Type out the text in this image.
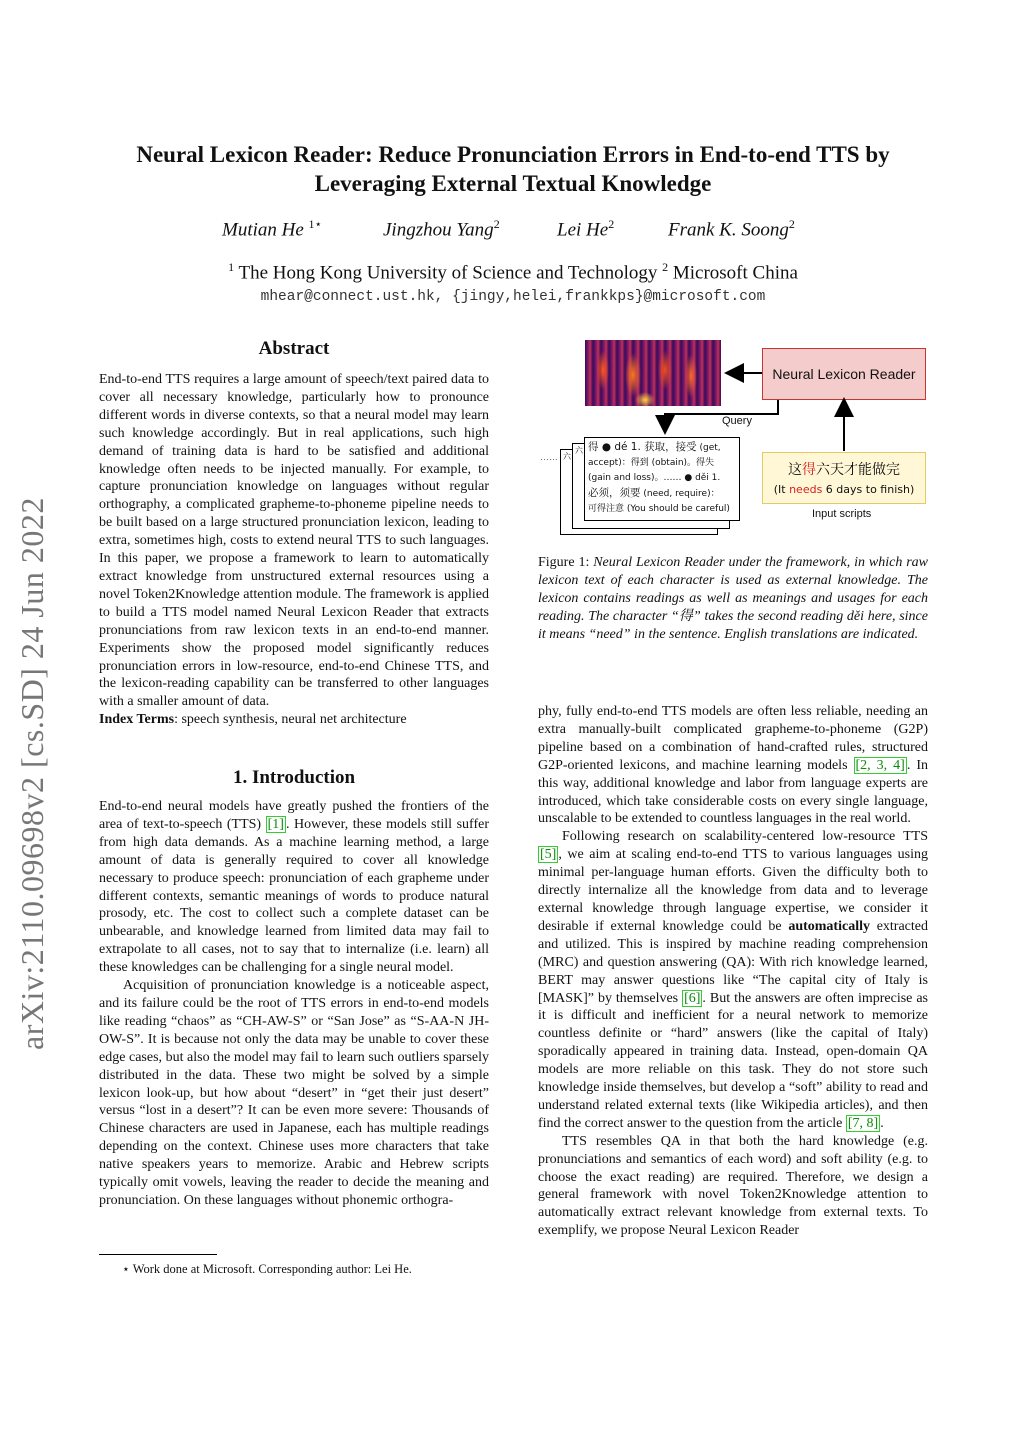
Neural Lexicon Reader: Reduce Pronunciation Errors in End-to-end TTS by Leveraging External Textual Knowledge
Mutian He $^{1⋆}$	Jingzhou Yang$^2$	Lei He$^2$	Frank K. Soong$^2$
$^1$ The Hong Kong University of Science and Technology $^2$ Microsoft China
mhear@connect.ust.hk, {jingy,helei,frankkps}@microsoft.com
arXiv:2110.09698v2 [cs.SD] 24 Jun 2022
Abstract

End-to-end TTS requires a large amount of speech/text paired data to cover all necessary knowledge, particularly how to pronounce different words in diverse contexts, so that a neural model may learn such knowledge accordingly. But in real applications, such high demand of training data is hard to be satisfied and additional knowledge often needs to be injected manually. For example, to capture pronunciation knowledge on languages without regular orthography, a complicated grapheme-to-phoneme pipeline needs to be built based on a large structured pronunciation lexicon, leading to extra, sometimes high, costs to extend neural TTS to such languages. In this paper, we propose a framework to learn to automatically extract knowledge from unstructured external resources using a novel Token2Knowledge attention module. The framework is applied to build a TTS model named Neural Lexicon Reader that extracts pronunciations from raw lexicon texts in an end-to-end manner. Experiments show the proposed model significantly reduces pronunciation errors in low-resource, end-to-end Chinese TTS, and the lexicon-reading capability can be transferred to other languages with a smaller amount of data.

Index Terms: speech synthesis, neural net architecture

1. Introduction

End-to-end neural models have greatly pushed the frontiers of the area of text-to-speech (TTS) [1] . However, these models still suffer from high data demands. As a machine learning method, a large amount of data is generally required to cover all knowledge necessary to produce speech: pronunciation of each grapheme under different contexts, semantic meanings of words to produce natural prosody, etc. The cost to collect such a complete dataset can be unbearable, and knowledge learned from limited data may fail to extrapolate to all cases, not to say that to internalize (i.e. learn) all these knowledges can be challenging for a single neural model.

Acquisition of pronunciation knowledge is a noticeable aspect, and its failure could be the root of TTS errors in end-to-end models like reading “chaos” as “CH-AW-S” or “San Jose” as “S-AA-N JH-OW-S”. It is because not only the data may be unable to cover these edge cases, but also the model may fail to learn such outliers sparsely distributed in the data. These two might be solved by a simple lexicon look-up, but how about “desert” in “get their just desert” versus “lost in a desert”? It can be even more severe: Thousands of Chinese characters are used in Japanese, each has multiple readings depending on the context. Chinese uses more characters that take native speakers years to memorize. Arabic and Hebrew scripts typically omit vowels, leaving the reader to decide the meaning and pronunciation. On these languages without phonemic orthogra-

⋆ Work done at Microsoft. Corresponding author: Lei He.
Neural Lexicon Reader
这得六天才能做完
(It needs 6 days to finish)
Query
Input scripts
…… 六
六 得 ● dé 1. 获取，接受 (get,
accept)：得到 (obtain)。得失
(gain and loss)。…… ● děi 1.
必须，须要 (need, require)：
可得注意 (You should be careful)
Figure 1: Neural Lexicon Reader under the framework, in which raw lexicon text of each character is used as external knowledge. The lexicon contains readings as well as meanings and usages for each reading. The character “得” takes the second reading děi here, since it means “need” in the sentence. English translations are indicated.

phy, fully end-to-end TTS models are often less reliable, needing an extra manually-built complicated grapheme-to-phoneme (G2P) pipeline based on a combination of hand-crafted rules, structured G2P-oriented lexicons, and machine learning models [2, 3, 4] . In this way, additional knowledge and labor from language experts are introduced, which take considerable costs on every single language, unscalable to be extended to countless languages in the real world.

Following research on scalability-centered low-resource TTS [5] , we aim at scaling end-to-end TTS to various languages using minimal per-language human efforts. Given the difficulty both to directly internalize all the knowledge from data and to leverage external knowledge through language expertise, we consider it desirable if external knowledge could be automatically extracted and utilized. This is inspired by machine reading comprehension (MRC) and question answering (QA): With rich knowledge learned, BERT may answer questions like “The capital city of Italy is [MASK]” by themselves [6] . But the answers are often imprecise as it is difficult and inefficient for a neural network to memorize countless definite or “hard” answers (like the capital of Italy) sporadically appeared in training data. Instead, open-domain QA models are more reliable on this task. They do not store such knowledge inside themselves, but develop a “soft” ability to read and understand related external texts (like Wikipedia articles), and then find the correct answer to the question from the article [7, 8] .

TTS resembles QA in that both the hard knowledge (e.g. pronunciations and semantics of each word) and soft ability (e.g. to choose the exact reading) are required. Therefore, we design a general framework with novel Token2Knowledge attention to automatically extract relevant knowledge from external texts. To exemplify, we propose Neural Lexicon Reader
